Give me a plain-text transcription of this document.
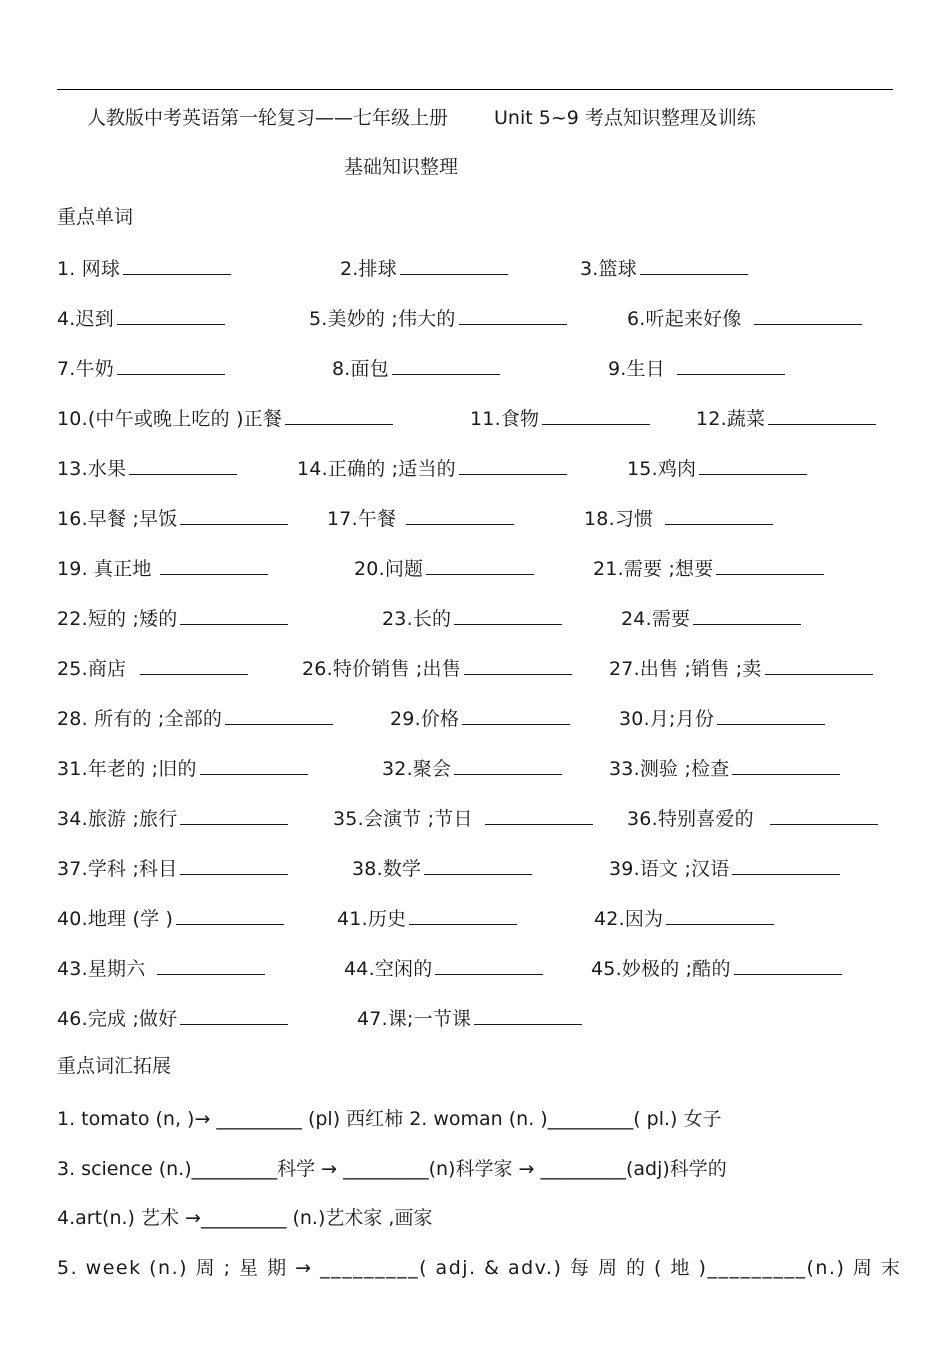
人教版中考英语第一轮复习——七年级上册 Unit 5~9 考点知识整理及训练
基础知识整理
重点单词
1. 网球	2.排球	3.篮球
4.迟到	5.美妙的 ;伟大的	6.听起来好像
7.牛奶	8.面包	9.生日
10.(中午或晚上吃的 )正餐	11.食物	12.蔬菜
13.水果	14.正确的 ;适当的	15.鸡肉
16.早餐 ;早饭	17.午餐	18.习惯
19. 真正地	20.问题	21.需要 ;想要
22.短的 ;矮的	23.长的	24.需要
25.商店	26.特价销售 ;出售	27.出售 ;销售 ;卖
28. 所有的 ;全部的	29.价格	30.月;月份
31.年老的 ;旧的	32.聚会	33.测验 ;检查
34.旅游 ;旅行	35.会演节 ;节日	36.特别喜爱的
37.学科 ;科目	38.数学	39.语文 ;汉语
40.地理 (学 )	41.历史	42.因为
43.星期六	44.空闲的	45.妙极的 ;酷的
46.完成 ;做好	47.课;一节课
重点词汇拓展
1. tomato (n, )→ _________ (pl) 西红柿 2. woman (n. )_________( pl.) 女子
3. science (n.)_________科学 → _________(n)科学家 → _________(adj)科学的
4.art(n.) 艺术 →_________ (n.)艺术家 ,画家
5. week (n.) 周 ; 星 期 → _________( adj. & adv.) 每 周 的 ( 地 )_________(n.) 周 末
